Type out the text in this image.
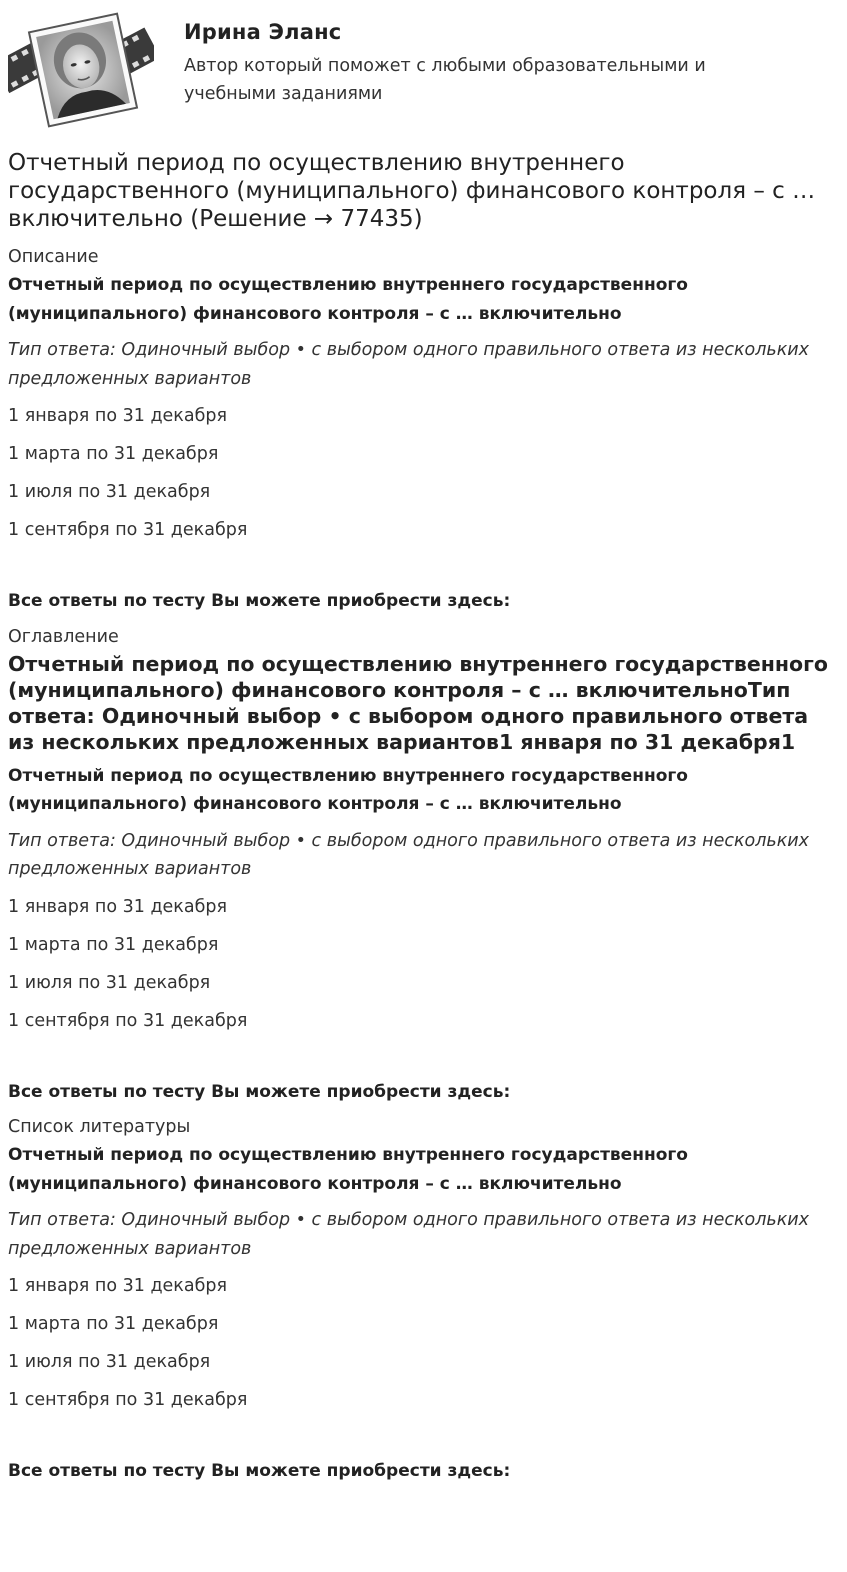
Ирина Эланс
Автор который поможет с любыми образовательными и учебными заданиями
Отчетный период по осуществлению внутреннего государственного (муниципального) финансового контроля – с … включительно (Решение → 77435)

Описание

Отчетный период по осуществлению внутреннего государственного (муниципального) финансового контроля – с … включительно

Тип ответа: Одиночный выбор • с выбором одного правильного ответа из нескольких предложенных вариантов

1 января по 31 декабря

1 марта по 31 декабря

1 июля по 31 декабря

1 сентября по 31 декабря

Все ответы по тесту Вы можете приобрести здесь:

Оглавление

Отчетный период по осуществлению внутреннего государственного (муниципального) финансового контроля – с … включительноТип ответа: Одиночный выбор • с выбором одного правильного ответа из нескольких предложенных вариантов1 января по 31 декабря1

Отчетный период по осуществлению внутреннего государственного (муниципального) финансового контроля – с … включительно

Тип ответа: Одиночный выбор • с выбором одного правильного ответа из нескольких предложенных вариантов

1 января по 31 декабря

1 марта по 31 декабря

1 июля по 31 декабря

1 сентября по 31 декабря

Все ответы по тесту Вы можете приобрести здесь:

Список литературы

Отчетный период по осуществлению внутреннего государственного (муниципального) финансового контроля – с … включительно

Тип ответа: Одиночный выбор • с выбором одного правильного ответа из нескольких предложенных вариантов

1 января по 31 декабря

1 марта по 31 декабря

1 июля по 31 декабря

1 сентября по 31 декабря

Все ответы по тесту Вы можете приобрести здесь:
